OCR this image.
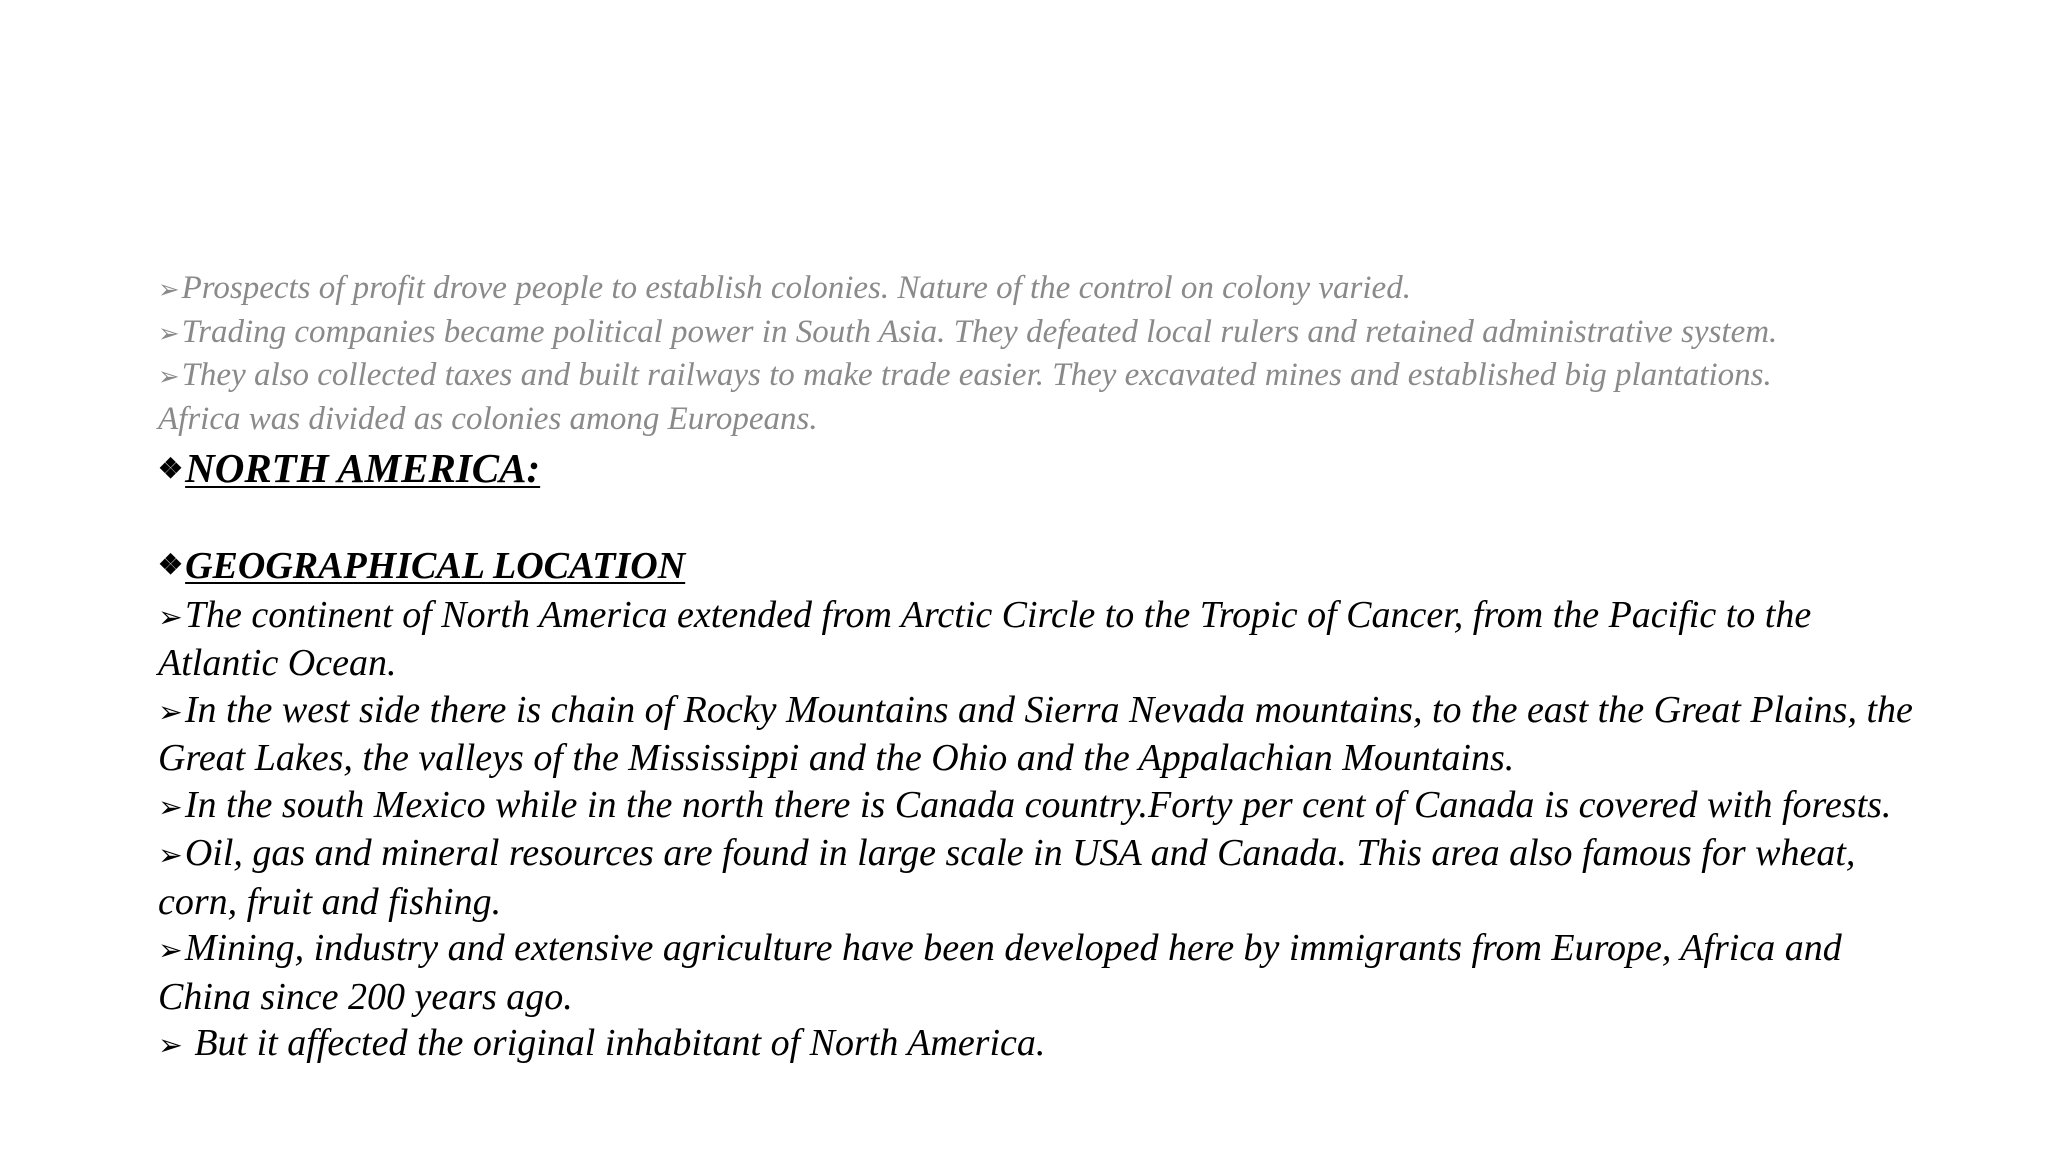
➢Prospects of profit drove people to establish colonies. Nature of the control on colony varied.

➢Trading companies became political power in South Asia. They defeated local rulers and retained administrative system.

➢They also collected taxes and built railways to make trade easier. They excavated mines and established big plantations.

Africa was divided as colonies among Europeans.

❖NORTH AMERICA:
❖GEOGRAPHICAL LOCATION

➢The continent of North America extended from Arctic Circle to the Tropic of Cancer, from the Pacific to the Atlantic Ocean.

➢In the west side there is chain of Rocky Mountains and Sierra Nevada mountains, to the east the Great Plains, the Great Lakes, the valleys of the Mississippi and the Ohio and the Appalachian Mountains.

➢In the south Mexico while in the north there is Canada country.Forty per cent of Canada is covered with forests.

➢Oil, gas and mineral resources are found in large scale in USA and Canada. This area also famous for wheat, corn, fruit and fishing.

➢Mining, industry and extensive agriculture have been developed here by immigrants from Europe, Africa and China since 200 years ago.

➢ But it affected the original inhabitant of North America.
